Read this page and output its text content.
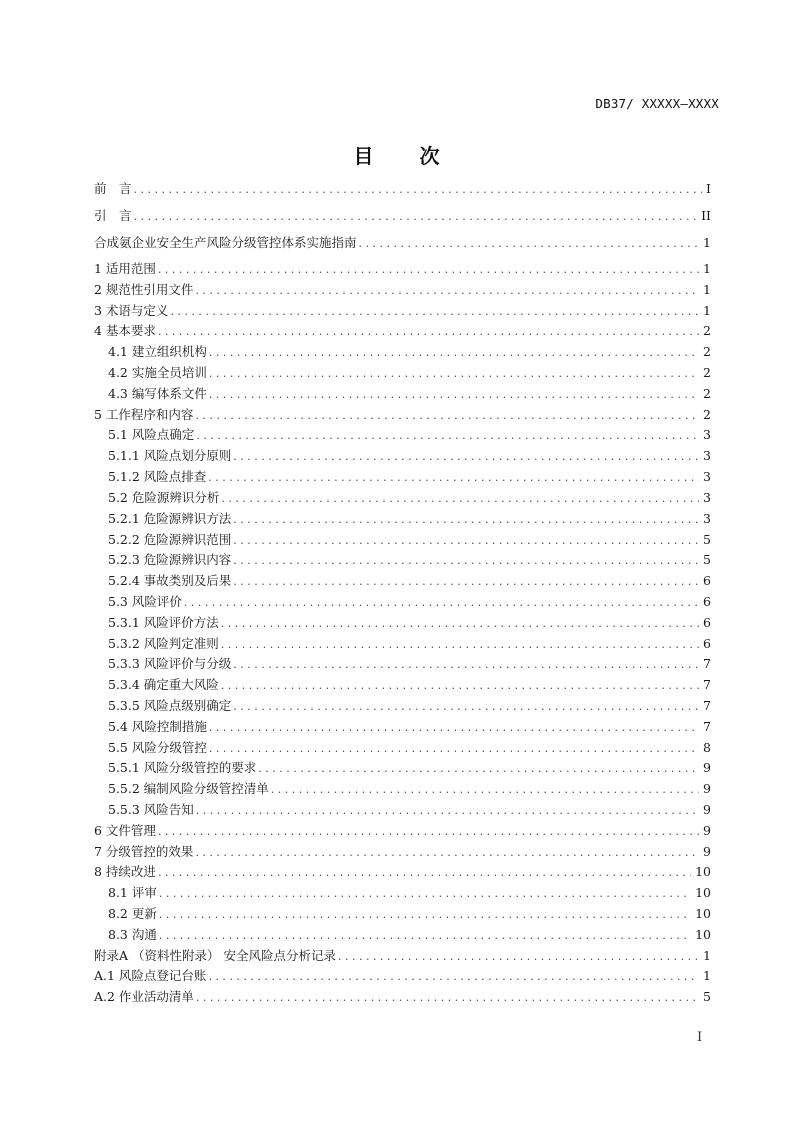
DB37/ XXXXX—XXXX
目 次
前　言 . . .	I
引　言 . . .	II
合成氨企业安全生产风险分级管控体系实施指南 . . .	1
1 适用范围 . . .	1
2 规范性引用文件 . . .	1
3 术语与定义 . . .	1
4 基本要求 . . .	2
4.1 建立组织机构 . . .	2
4.2 实施全员培训 . . .	2
4.3 编写体系文件 . . .	2
5 工作程序和内容 . . .	2
5.1 风险点确定 . . .	3
5.1.1 风险点划分原则 . . .	3
5.1.2 风险点排查 . . .	3
5.2 危险源辨识分析 . . .	3
5.2.1 危险源辨识方法 . . .	3
5.2.2 危险源辨识范围 . . .	5
5.2.3 危险源辨识内容 . . .	5
5.2.4 事故类别及后果 . . .	6
5.3 风险评价 . . .	6
5.3.1 风险评价方法 . . .	6
5.3.2 风险判定准则 . . .	6
5.3.3 风险评价与分级 . . .	7
5.3.4 确定重大风险 . . .	7
5.3.5 风险点级别确定 . . .	7
5.4 风险控制措施 . . .	7
5.5 风险分级管控 . . .	8
5.5.1 风险分级管控的要求 . . .	9
5.5.2 编制风险分级管控清单 . . .	9
5.5.3 风险告知 . . .	9
6 文件管理 . . .	9
7 分级管控的效果 . . .	9
8 持续改进 . . .	10
8.1 评审 . . .	10
8.2 更新 . . .	10
8.3 沟通 . . .	10
附录A （资料性附录） 安全风险点分析记录 . . .	1
A.1 风险点登记台账 . . .	1
A.2 作业活动清单 . . .	5
I
